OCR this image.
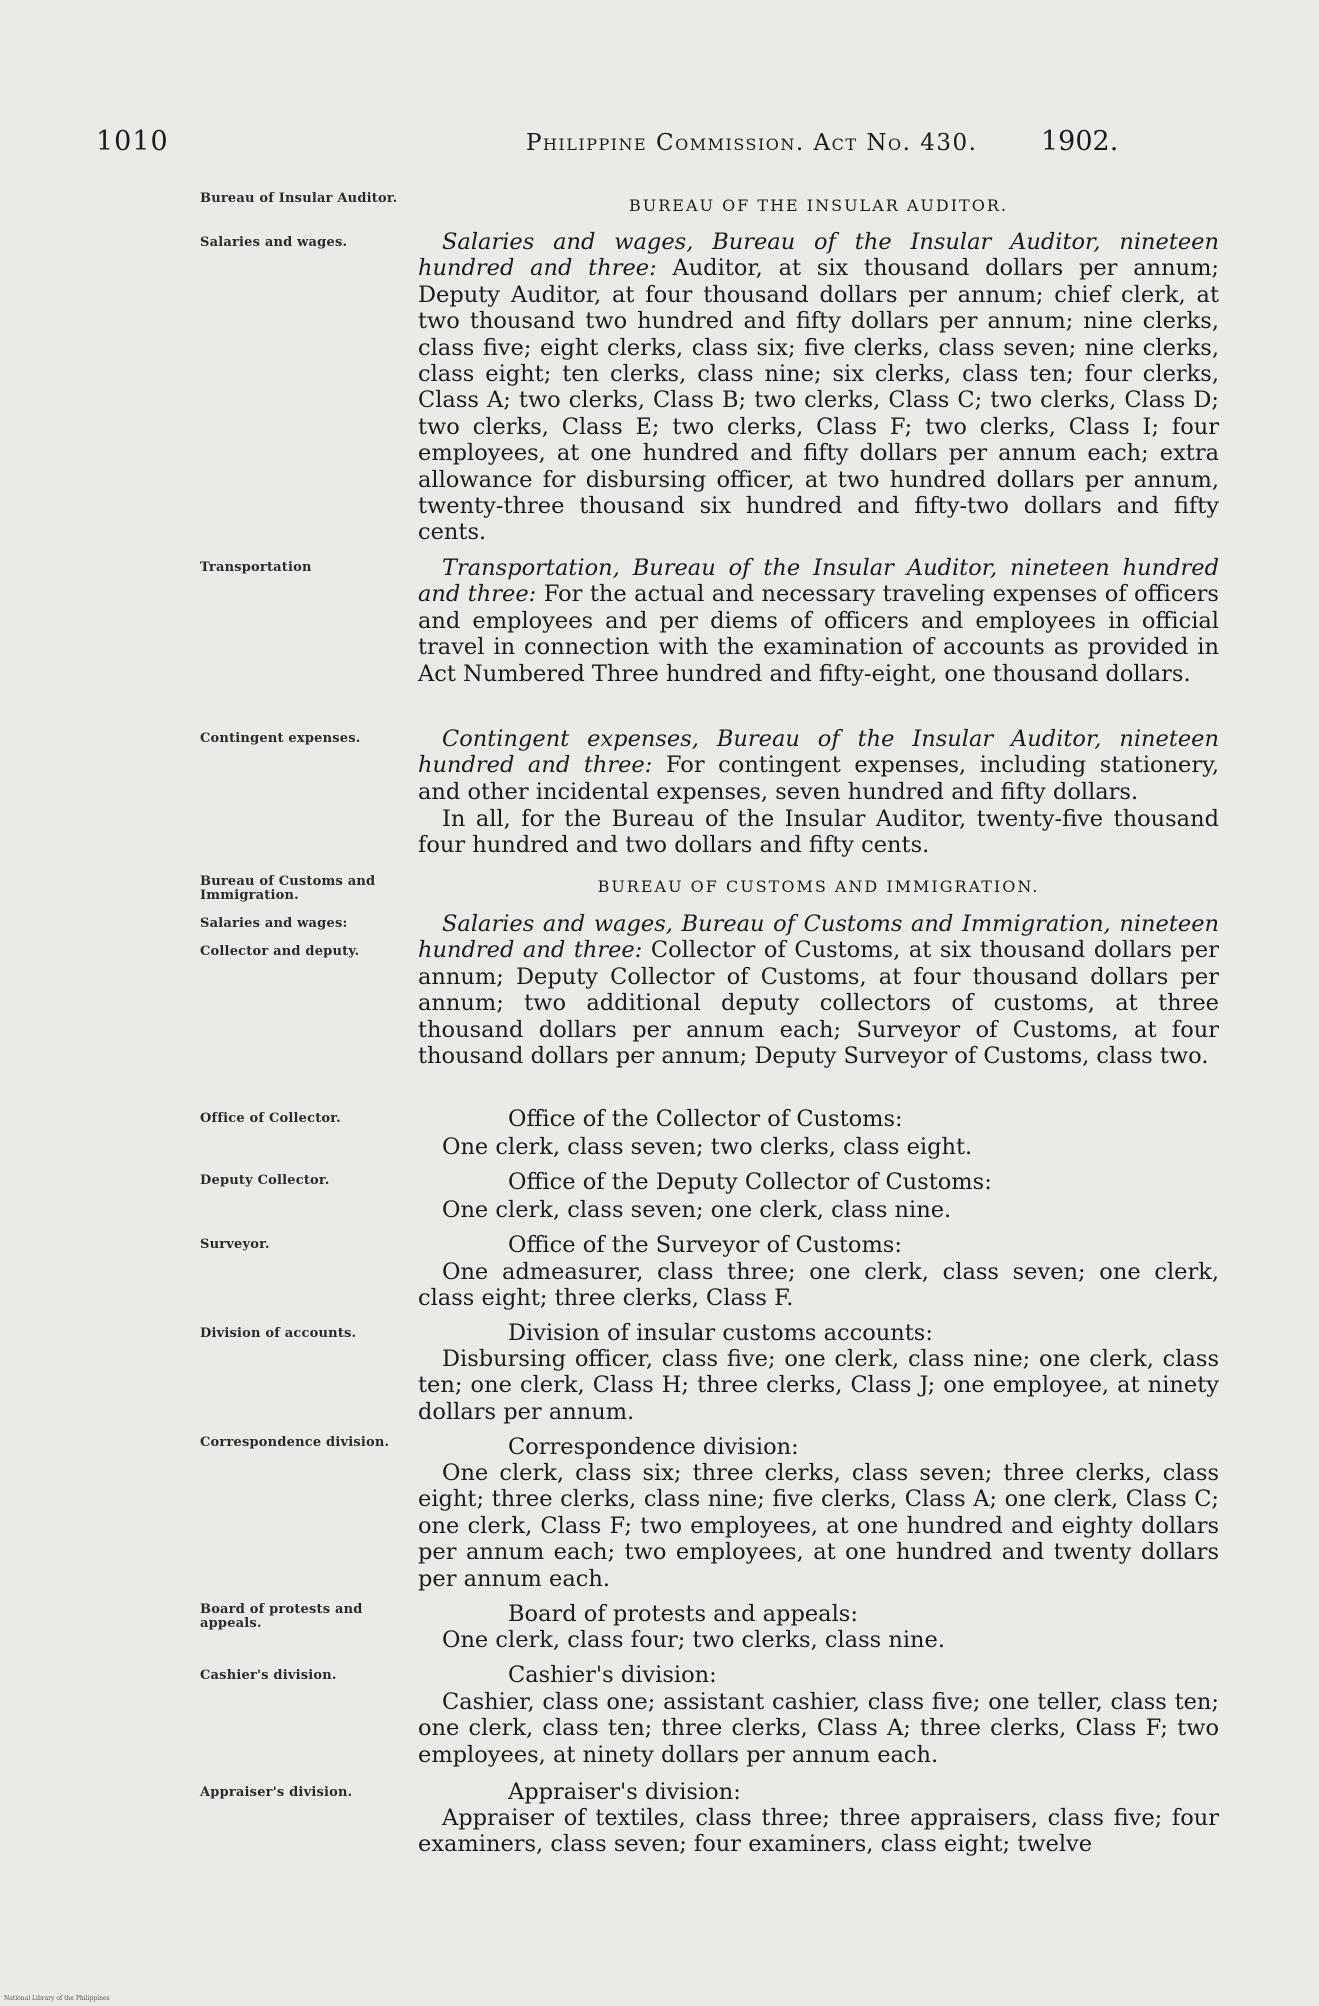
1010	Philippine Commission. Act No. 430. 1902.
Bureau of Insular Auditor.	BUREAU OF THE INSULAR AUDITOR.
Salaries and wages.	Salaries and wages, Bureau of the Insular Auditor, nineteen hundred and three: Auditor, at six thousand dollars per annum; Deputy Auditor, at four thousand dollars per annum; chief clerk, at two thousand two hundred and fifty dollars per annum; nine clerks, class five; eight clerks, class six; five clerks, class seven; nine clerks, class eight; ten clerks, class nine; six clerks, class ten; four clerks, Class A; two clerks, Class B; two clerks, Class C; two clerks, Class D; two clerks, Class E; two clerks, Class F; two clerks, Class I; four employees, at one hundred and fifty dollars per annum each; extra allowance for disbursing officer, at two hundred dollars per annum, twenty-three thousand six hundred and fifty-two dollars and fifty cents.

Transportation	Transportation, Bureau of the Insular Auditor, nineteen hundred and three: For the actual and necessary traveling expenses of officers and employees and per diems of officers and employees in official travel in connection with the examination of accounts as provided in Act Numbered Three hundred and fifty-eight, one thousand dollars.

Contingent expenses.	Contingent expenses, Bureau of the Insular Auditor, nineteen hundred and three: For contingent expenses, including stationery, and other incidental expenses, seven hundred and fifty dollars.

In all, for the Bureau of the Insular Auditor, twenty-five thousand four hundred and two dollars and fifty cents.

Bureau of Customs and Immigration.	BUREAU OF CUSTOMS AND IMMIGRATION.
Salaries and wages:
Collector and deputy.

Salaries and wages, Bureau of Customs and Immigration, nineteen hundred and three: Collector of Customs, at six thousand dollars per annum; Deputy Collector of Customs, at four thousand dollars per annum; two additional deputy collectors of customs, at three thousand dollars per annum each; Surveyor of Customs, at four thousand dollars per annum; Deputy Surveyor of Customs, class two.

Office of Collector.	Office of the Collector of Customs:

One clerk, class seven; two clerks, class eight.

Deputy Collector.	Office of the Deputy Collector of Customs:

One clerk, class seven; one clerk, class nine.

Surveyor.	Office of the Surveyor of Customs:

One admeasurer, class three; one clerk, class seven; one clerk, class eight; three clerks, Class F.

Division of accounts.	Division of insular customs accounts:

Disbursing officer, class five; one clerk, class nine; one clerk, class ten; one clerk, Class H; three clerks, Class J; one employee, at ninety dollars per annum.

Correspondence division.	Correspondence division:

One clerk, class six; three clerks, class seven; three clerks, class eight; three clerks, class nine; five clerks, Class A; one clerk, Class C; one clerk, Class F; two employees, at one hundred and eighty dollars per annum each; two employees, at one hundred and twenty dollars per annum each.

Board of protests and appeals.	Board of protests and appeals:

One clerk, class four; two clerks, class nine.

Cashier's division.	Cashier's division:

Cashier, class one; assistant cashier, class five; one teller, class ten; one clerk, class ten; three clerks, Class A; three clerks, Class F; two employees, at ninety dollars per annum each.

Appraiser's division.	Appraiser's division:

Appraiser of textiles, class three; three appraisers, class five; four examiners, class seven; four examiners, class eight; twelve

National Library of the Philippines
